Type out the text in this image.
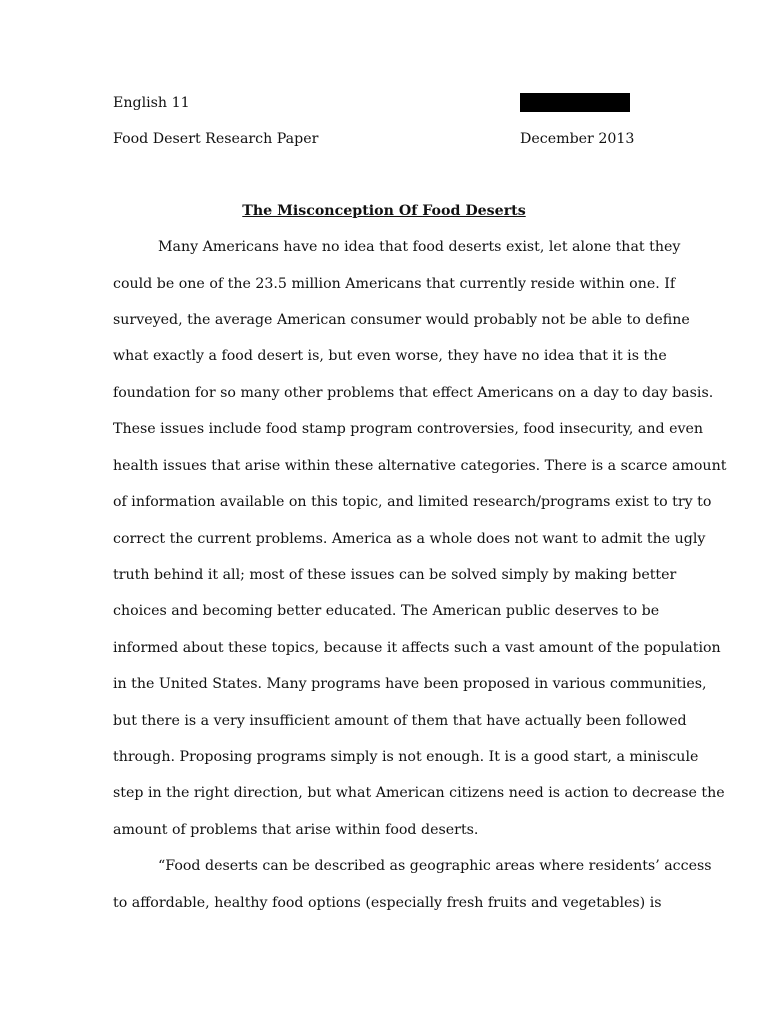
English 11
Food Desert Research Paper	December 2013
The Misconception Of Food Deserts
Many Americans have no idea that food deserts exist, let alone that they
could be one of the 23.5 million Americans that currently reside within one. If
surveyed, the average American consumer would probably not be able to define
what exactly a food desert is, but even worse, they have no idea that it is the
foundation for so many other problems that effect Americans on a day to day basis.
These issues include food stamp program controversies, food insecurity, and even
health issues that arise within these alternative categories. There is a scarce amount
of information available on this topic, and limited research/programs exist to try to
correct the current problems. America as a whole does not want to admit the ugly
truth behind it all; most of these issues can be solved simply by making better
choices and becoming better educated. The American public deserves to be
informed about these topics, because it affects such a vast amount of the population
in the United States. Many programs have been proposed in various communities,
but there is a very insufficient amount of them that have actually been followed
through. Proposing programs simply is not enough. It is a good start, a miniscule
step in the right direction, but what American citizens need is action to decrease the
amount of problems that arise within food deserts.
“Food deserts can be described as geographic areas where residents’ access
to affordable, healthy food options (especially fresh fruits and vegetables) is
